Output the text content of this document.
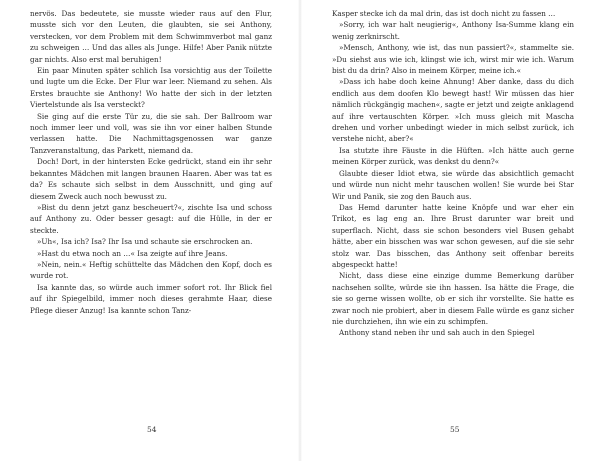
nervös. Das bedeutete, sie musste wieder raus auf den Flur, musste sich vor den Leuten, die glaubten, sie sei Anthony, verstecken, vor dem Problem mit dem Schwimmverbot mal ganz zu schweigen … Und das alles als Junge. Hilfe! Aber Panik nützte gar nichts. Also erst mal beruhigen!

Ein paar Minuten später schlich Isa vorsichtig aus der Toilette und lugte um die Ecke. Der Flur war leer. Niemand zu sehen. Als Erstes brauchte sie Anthony! Wo hatte der sich in der letzten Viertelstunde als Isa versteckt?

Sie ging auf die erste Tür zu, die sie sah. Der Ballroom war noch immer leer und voll, was sie ihn vor einer halben Stunde verlassen hatte. Die Nachmittagsgenossen war ganze Tanzveranstaltung, das Parkett, niemand da.

Doch! Dort, in der hintersten Ecke gedrückt, stand ein ihr sehr bekanntes Mädchen mit langen braunen Haaren. Aber was tat es da? Es schaute sich selbst in dem Ausschnitt, und ging auf diesem Zweck auch noch bewusst zu.

»Bist du denn jetzt ganz bescheuert?«, zischte Isa und schoss auf Anthony zu. Oder besser gesagt: auf die Hülle, in der er steckte.

»Uh«, Isa ich? Isa? Ihr Isa und schaute sie erschrocken an.

»Hast du etwa noch an …« Isa zeigte auf ihre Jeans.

»Nein, nein.« Heftig schüttelte das Mädchen den Kopf, doch es wurde rot.

Isa kannte das, so würde auch immer sofort rot. Ihr Blick fiel auf ihr Spiegelbild, immer noch dieses gerahmte Haar, diese Pflege dieser Anzug! Isa kannte schon Tanz-

Kasper stecke ich da mal drin, das ist doch nicht zu fassen …

»Sorry, ich war halt neugierig«, Anthony Isa-Summe klang ein wenig zerknirscht.

»Mensch, Anthony, wie ist, das nun passiert?«, stammelte sie. »Du siehst aus wie ich, klingst wie ich, wirst mir wie ich. Warum bist du da drin? Also in meinem Körper, meine ich.«

»Dass ich habe doch keine Ahnung! Aber danke, dass du dich endlich aus dem doofen Klo bewegt hast! Wir müssen das hier nämlich rückgängig machen«, sagte er jetzt und zeigte anklagend auf ihre vertauschten Körper. »Ich muss gleich mit Mascha drehen und vorher unbedingt wieder in mich selbst zurück, ich verstehe nicht, aber?«

Isa stutzte ihre Fäuste in die Hüften. »Ich hätte auch gerne meinen Körper zurück, was denkst du denn?«

Glaubte dieser Idiot etwa, sie würde das absichtlich gemacht und würde nun nicht mehr tauschen wollen! Sie wurde bei Star Wir und Panik, sie zog den Bauch aus.

Das Hemd darunter hatte keine Knöpfe und war eher ein Trikot, es lag eng an. Ihre Brust darunter war breit und superflach. Nicht, dass sie schon besonders viel Busen gehabt hätte, aber ein bisschen was war schon gewesen, auf die sie sehr stolz war. Das bisschen, das Anthony seit offenbar bereits abgespeckt hatte!

Nicht, dass diese eine einzige dumme Bemerkung darüber nachsehen sollte, würde sie ihn hassen. Isa hätte die Frage, die sie so gerne wissen wollte, ob er sich ihr vorstellte. Sie hatte es zwar noch nie probiert, aber in diesem Falle würde es ganz sicher nie durchziehen, ihn wie ein zu schimpfen.

Anthony stand neben ihr und sah auch in den Spiegel

54	55
